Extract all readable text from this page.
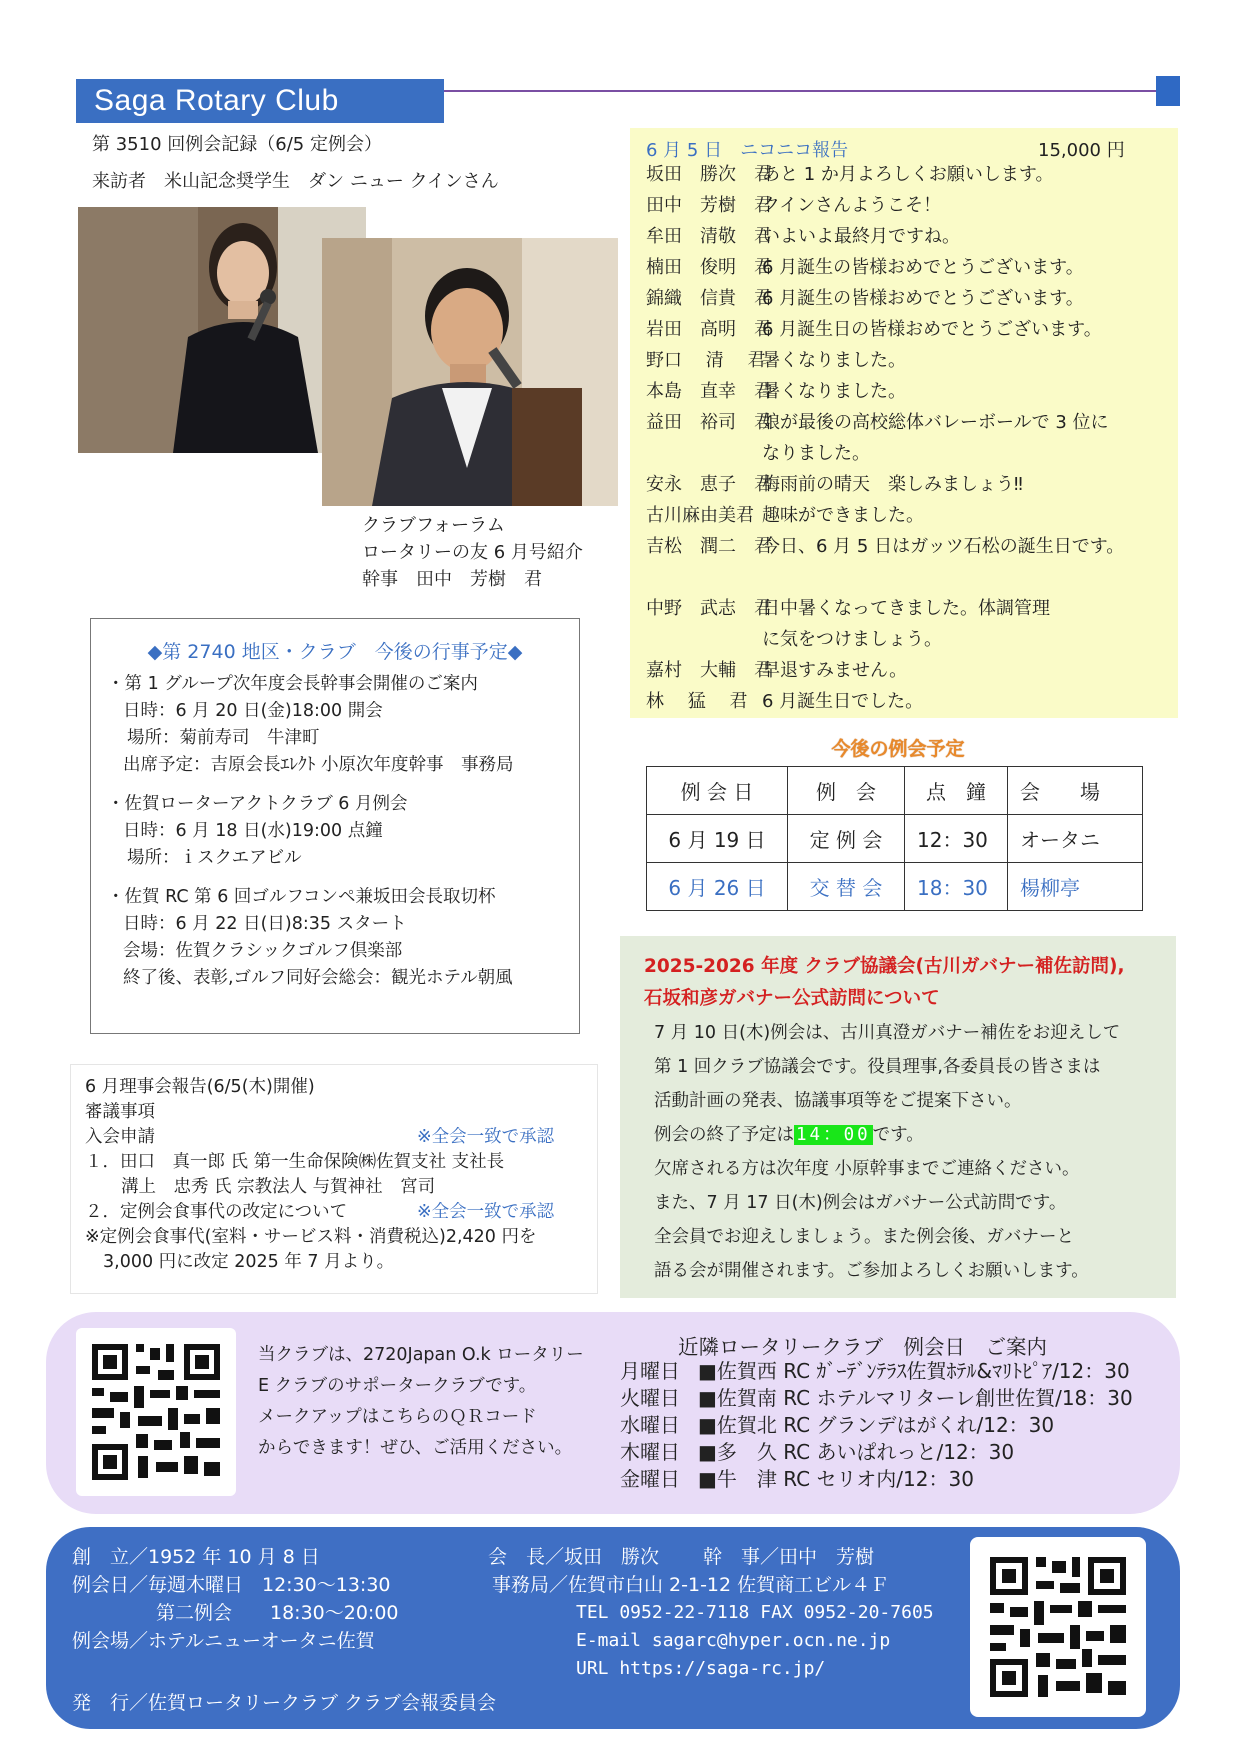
Saga Rotary Club
第 3510 回例会記録（6/5 定例会）
来訪者　米山記念奨学生　ダン ニュー クインさん
クラブフォーラム
ロータリーの友 6 月号紹介
幹事　田中　芳樹　君
6 月 5 日　ニコニコ報告	15,000 円
坂田　勝次　君あと 1 か月よろしくお願いします。
田中　芳樹　君クインさんようこそ！
牟田　清敬　君いよいよ最終月ですね。
楠田　俊明　君6 月誕生の皆様おめでとうございます。
錦織　信貴　君6 月誕生の皆様おめでとうございます。
岩田　高明　君6 月誕生日の皆様おめでとうございます。
野口　 清 　君暑くなりました。
本島　直幸　君暑くなりました。
益田　裕司　君娘が最後の高校総体バレーボールで 3 位になりました。
安永　恵子　君梅雨前の晴天　楽しみましょう‼
古川麻由美君 趣味ができました。
吉松　潤二　君今日、6 月 5 日はガッツ石松の誕生日です。
中野　武志　君日中暑くなってきました。体調管理に気をつけましょう。
嘉村　大輔　君早退すみません。
林　 猛 　君 6 月誕生日でした。
◆第 2740 地区・クラブ　今後の行事予定◆
・第 1 グループ次年度会長幹事会開催のご案内
日時：6 月 20 日(金)18:00 開会
場所：菊前寿司　牛津町
出席予定：吉原会長ｴﾚｸﾄ 小原次年度幹事　事務局
・佐賀ローターアクトクラブ 6 月例会
日時：6 月 18 日(水)19:00 点鐘
場所：ｉスクエアビル
・佐賀 RC 第 6 回ゴルフコンペ兼坂田会長取切杯
日時：6 月 22 日(日)8:35 スタート
会場：佐賀クラシックゴルフ倶楽部
終了後、表彰,ゴルフ同好会総会：観光ホテル朝風
6 月理事会報告(6/5(木)開催)
審議事項
入会申請	※全会一致で承認
１．田口　真一郎 氏 第一生命保険㈱佐賀支社 支社長
溝上　忠秀 氏 宗教法人 与賀神社　宮司
２．定例会食事代の改定について	※全会一致で承認
※定例会食事代(室料・サービス料・消費税込)2,420 円を
3,000 円に改定 2025 年 7 月より。
今後の例会予定
例 会 日	例　会	点　鐘	会　　場
6 月 19 日	定 例 会	12：30	オータニ
6 月 26 日	交 替 会	18：30	楊柳亭
2025-2026 年度 クラブ協議会(古川ガバナー補佐訪問),
石坂和彦ガバナー公式訪問について
7 月 10 日(木)例会は、古川真澄ガバナー補佐をお迎えして
第 1 回クラブ協議会です。役員理事,各委員長の皆さまは
活動計画の発表、協議事項等をご提案下さい。
例会の終了予定は 14：00 です。
欠席される方は次年度 小原幹事までご連絡ください。
また、7 月 17 日(木)例会はガバナー公式訪問です。
全会員でお迎えしましょう。また例会後、ガバナーと
語る会が開催されます。ご参加よろしくお願いします。
当クラブは、2720Japan O.k ロータリー
E クラブのサポータークラブです。
メークアップはこちらのＱＲコード
からできます！ぜひ、ご活用ください。
近隣ロータリークラブ　例会日　ご案内
月曜日 ■佐賀西 RC ｶﾞｰﾃﾞﾝﾃﾗｽ佐賀ﾎﾃﾙ&ﾏﾘﾄﾋﾟｱ/12：30
火曜日 ■佐賀南 RC ホテルマリターレ創世佐賀/18：30
水曜日 ■佐賀北 RC グランデはがくれ/12：30
木曜日 ■多　久 RC あいぱれっと/12：30
金曜日 ■牛　津 RC セリオ内/12：30
創　立／1952 年 10 月 8 日
例会日／毎週木曜日　12:30～13:30
第二例会　　18:30～20:00
例会場／ホテルニューオータニ佐賀
会　長／坂田　勝次　　 幹　事／田中　芳樹
事務局／佐賀市白山 2-1-12 佐賀商工ビル４Ｆ
TEL 0952-22-7118 FAX 0952-20-7605
E-mail sagarc@hyper.ocn.ne.jp
URL https://saga-rc.jp/
発　行／佐賀ロータリークラブ クラブ会報委員会
